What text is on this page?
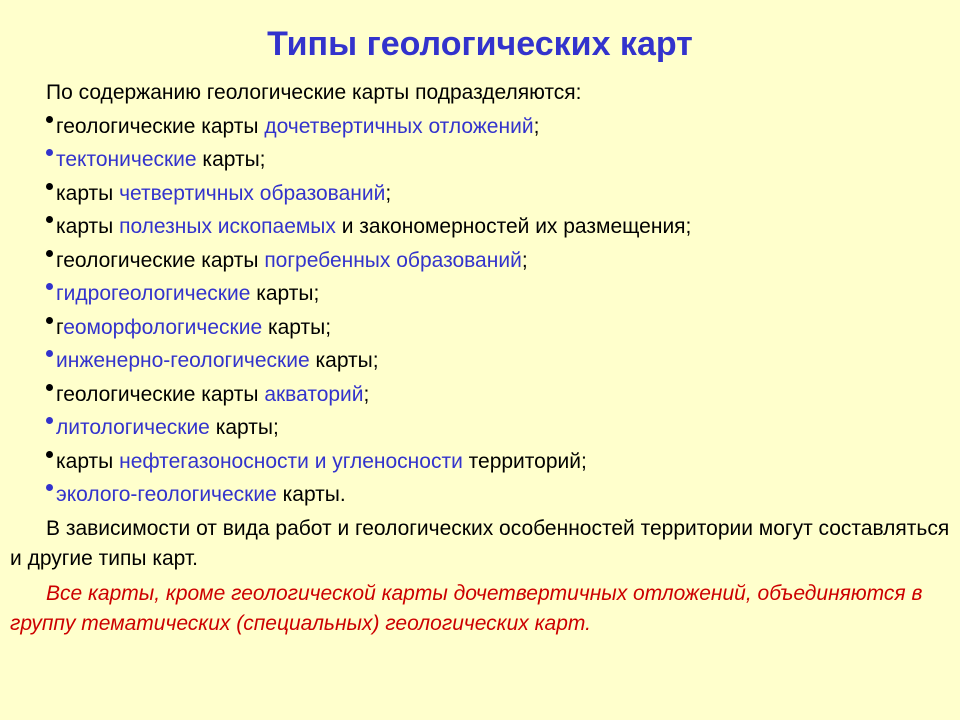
Типы геологических карт

По содержанию геологические карты подразделяются:

геологические карты дочетвертичных отложений;
тектонические карты;
карты четвертичных образований;
карты полезных ископаемых и закономерностей их размещения;
геологические карты погребенных образований;
гидрогеологические карты;
геоморфологические карты;
инженерно-геологические карты;
геологические карты акваторий;
литологические карты;
карты нефтегазоносности и угленосности территорий;
эколого-геологические карты.

В зависимости от вида работ и геологических особенностей территории могут составляться и другие типы карт.

Все карты, кроме геологической карты дочетвертичных отложений, объединяются в группу тематических (специальных) геологических карт.
